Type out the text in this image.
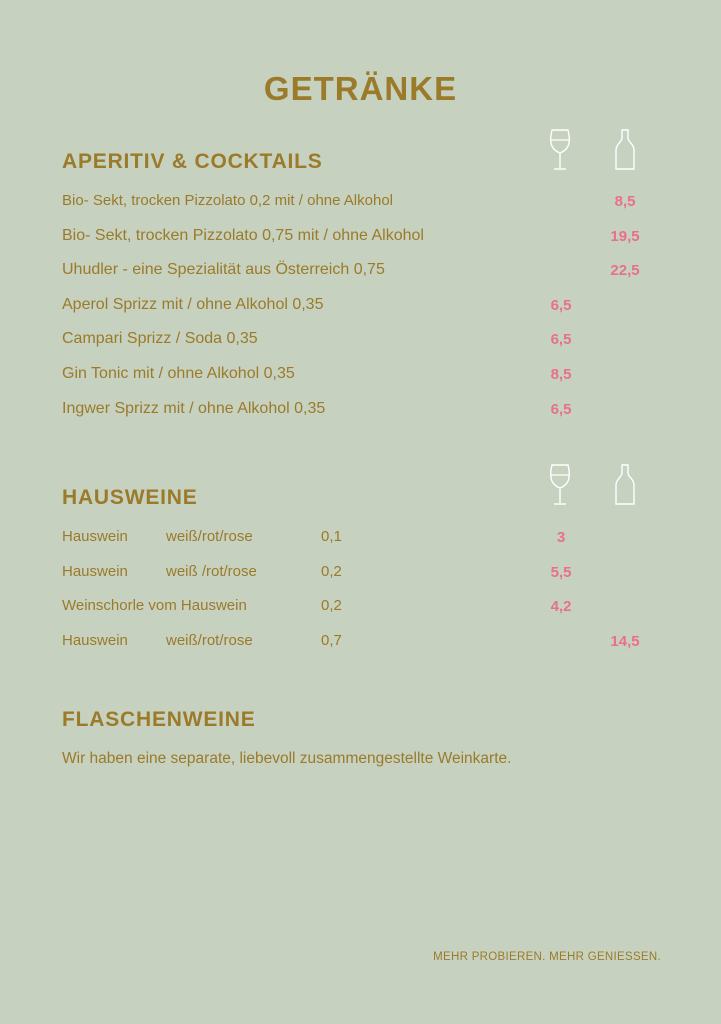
GETRÄNKE
APERITIV & COCKTAILS
Bio- Sekt, trocken Pizzolato 0,2 mit / ohne Alkohol	8,5
Bio- Sekt, trocken Pizzolato 0,75 mit / ohne Alkohol	19,5
Uhudler - eine Spezialität aus Österreich 0,75	22,5
Aperol Sprizz mit / ohne Alkohol 0,35	6,5
Campari Sprizz / Soda 0,35	6,5
Gin Tonic mit / ohne Alkohol 0,35	8,5
Ingwer Sprizz mit / ohne Alkohol 0,35	6,5
HAUSWEINE
Hauswein	weiß/rot/rose	0,1	3
Hauswein	weiß /rot/rose	0,2	5,5
Weinschorle vom Hauswein	0,2	4,2
Hauswein	weiß/rot/rose	0,7	14,5
FLASCHENWEINE
Wir haben eine separate, liebevoll zusammengestellte Weinkarte.
MEHR PROBIEREN. MEHR GENIESSEN.
